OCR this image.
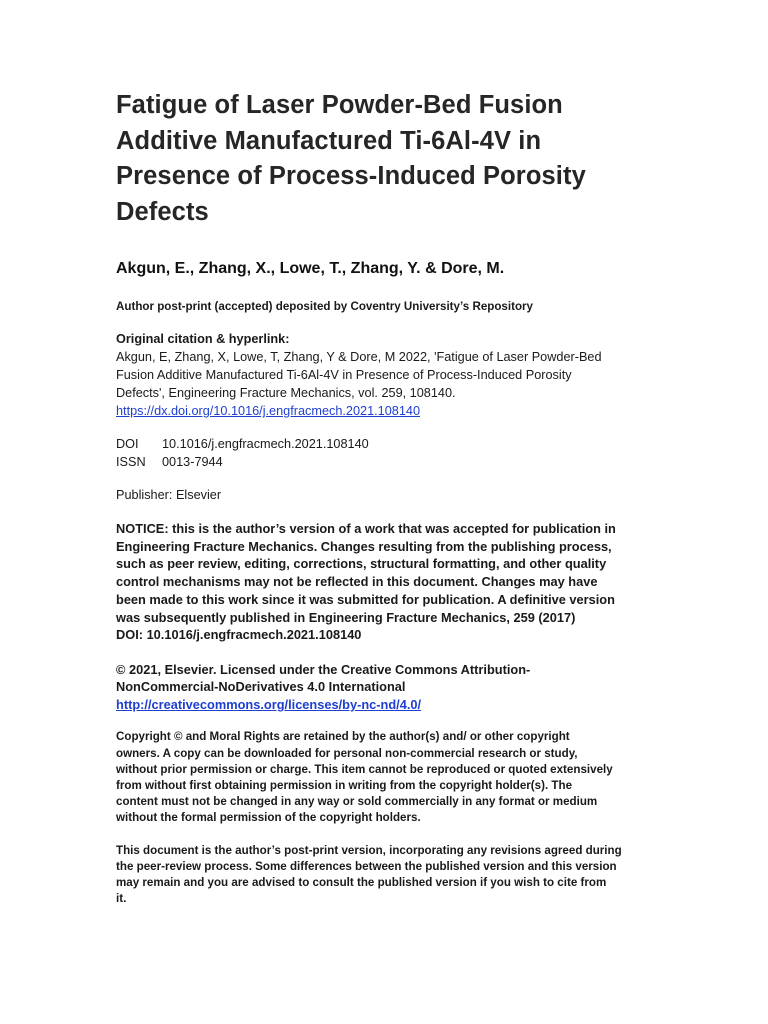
Fatigue of Laser Powder-Bed Fusion
Additive Manufactured Ti-6Al-4V in
Presence of Process-Induced Porosity
Defects
Akgun, E., Zhang, X., Lowe, T., Zhang, Y. & Dore, M.
Author post-print (accepted) deposited by Coventry University’s Repository
Original citation & hyperlink:
Akgun, E, Zhang, X, Lowe, T, Zhang, Y & Dore, M 2022, 'Fatigue of Laser Powder-Bed
Fusion Additive Manufactured Ti-6Al-4V in Presence of Process-Induced Porosity
Defects', Engineering Fracture Mechanics, vol. 259, 108140.
https://dx.doi.org/10.1016/j.engfracmech.2021.108140
DOI	10.1016/j.engfracmech.2021.108140
ISSN	0013-7944
Publisher: Elsevier
NOTICE: this is the author’s version of a work that was accepted for publication in
Engineering Fracture Mechanics. Changes resulting from the publishing process,
such as peer review, editing, corrections, structural formatting, and other quality
control mechanisms may not be reflected in this document. Changes may have
been made to this work since it was submitted for publication. A definitive version
was subsequently published in Engineering Fracture Mechanics, 259 (2017)
DOI: 10.1016/j.engfracmech.2021.108140
© 2021, Elsevier. Licensed under the Creative Commons Attribution-
NonCommercial-NoDerivatives 4.0 International
http://creativecommons.org/licenses/by-nc-nd/4.0/
Copyright © and Moral Rights are retained by the author(s) and/ or other copyright
owners. A copy can be downloaded for personal non-commercial research or study,
without prior permission or charge. This item cannot be reproduced or quoted extensively
from without first obtaining permission in writing from the copyright holder(s). The
content must not be changed in any way or sold commercially in any format or medium
without the formal permission of the copyright holders.
This document is the author’s post-print version, incorporating any revisions agreed during
the peer-review process. Some differences between the published version and this version
may remain and you are advised to consult the published version if you wish to cite from
it.
